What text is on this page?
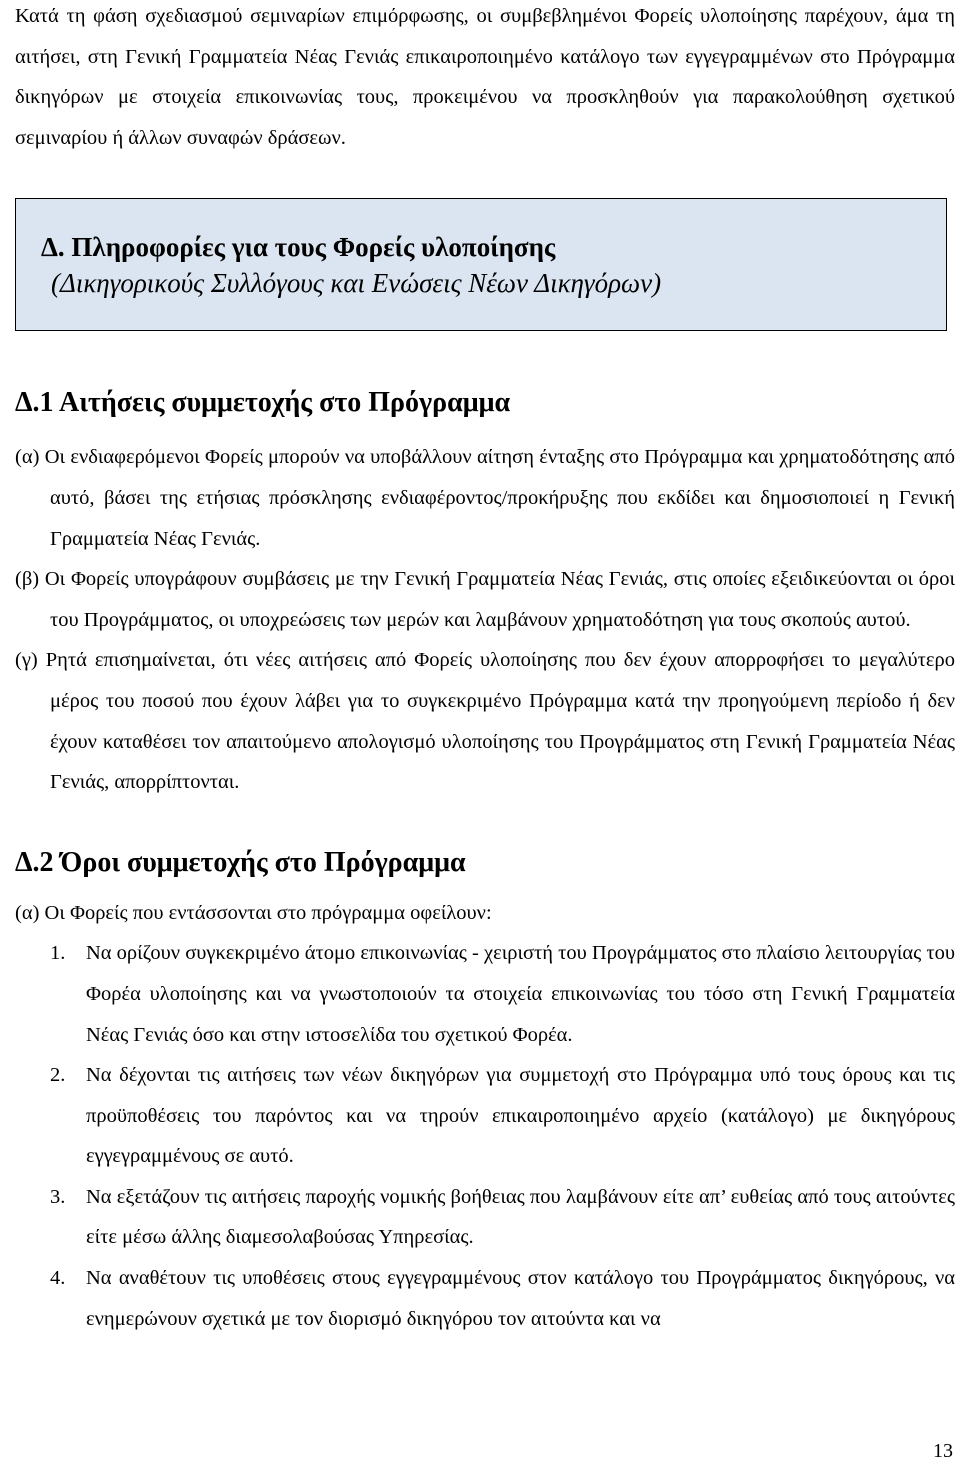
Κατά τη φάση σχεδιασμού σεμιναρίων επιμόρφωσης, οι συμβεβλημένοι Φορείς υλοποίησης παρέχουν, άμα τη αιτήσει, στη Γενική Γραμματεία Νέας Γενιάς επικαιροποιημένο κατάλογο των εγγεγραμμένων στο Πρόγραμμα δικηγόρων με στοιχεία επικοινωνίας τους, προκειμένου να προσκληθούν για παρακολούθηση σχετικού σεμιναρίου ή άλλων συναφών δράσεων.

Δ. Πληροφορίες για τους Φορείς υλοποίησης
(Δικηγορικούς Συλλόγους και Ενώσεις Νέων Δικηγόρων)
Δ.1 Αιτήσεις συμμετοχής στο Πρόγραμμα

(α) Οι ενδιαφερόμενοι Φορείς μπορούν να υποβάλλουν αίτηση ένταξης στο Πρόγραμμα και χρηματοδότησης από αυτό, βάσει της ετήσιας πρόσκλησης ενδιαφέροντος/προκήρυξης που εκδίδει και δημοσιοποιεί η Γενική Γραμματεία Νέας Γενιάς.

(β) Οι Φορείς υπογράφουν συμβάσεις με την Γενική Γραμματεία Νέας Γενιάς, στις οποίες εξειδικεύονται οι όροι του Προγράμματος, οι υποχρεώσεις των μερών και λαμβάνουν χρηματοδότηση για τους σκοπούς αυτού.

(γ) Ρητά επισημαίνεται, ότι νέες αιτήσεις από Φορείς υλοποίησης που δεν έχουν απορροφήσει το μεγαλύτερο μέρος του ποσού που έχουν λάβει για το συγκεκριμένο Πρόγραμμα κατά την προηγούμενη περίοδο ή δεν έχουν καταθέσει τον απαιτούμενο απολογισμό υλοποίησης του Προγράμματος στη Γενική Γραμματεία Νέας Γενιάς, απορρίπτονται.

Δ.2 Όροι συμμετοχής στο Πρόγραμμα

(α) Οι Φορείς που εντάσσονται στο πρόγραμμα οφείλουν:

1. Να ορίζουν συγκεκριμένο άτομο επικοινωνίας - χειριστή του Προγράμματος στο πλαίσιο λειτουργίας του Φορέα υλοποίησης και να γνωστοποιούν τα στοιχεία επικοινωνίας του τόσο στη Γενική Γραμματεία Νέας Γενιάς όσο και στην ιστοσελίδα του σχετικού Φορέα.
2. Να δέχονται τις αιτήσεις των νέων δικηγόρων για συμμετοχή στο Πρόγραμμα υπό τους όρους και τις προϋποθέσεις του παρόντος και να τηρούν επικαιροποιημένο αρχείο (κατάλογο) με δικηγόρους εγγεγραμμένους σε αυτό.
3. Να εξετάζουν τις αιτήσεις παροχής νομικής βοήθειας που λαμβάνουν είτε απ’ ευθείας από τους αιτούντες είτε μέσω άλλης διαμεσολαβούσας Υπηρεσίας.
4. Να αναθέτουν τις υποθέσεις στους εγγεγραμμένους στον κατάλογο του Προγράμματος δικηγόρους, να ενημερώνουν σχετικά με τον διορισμό δικηγόρου τον αιτούντα και να
13
